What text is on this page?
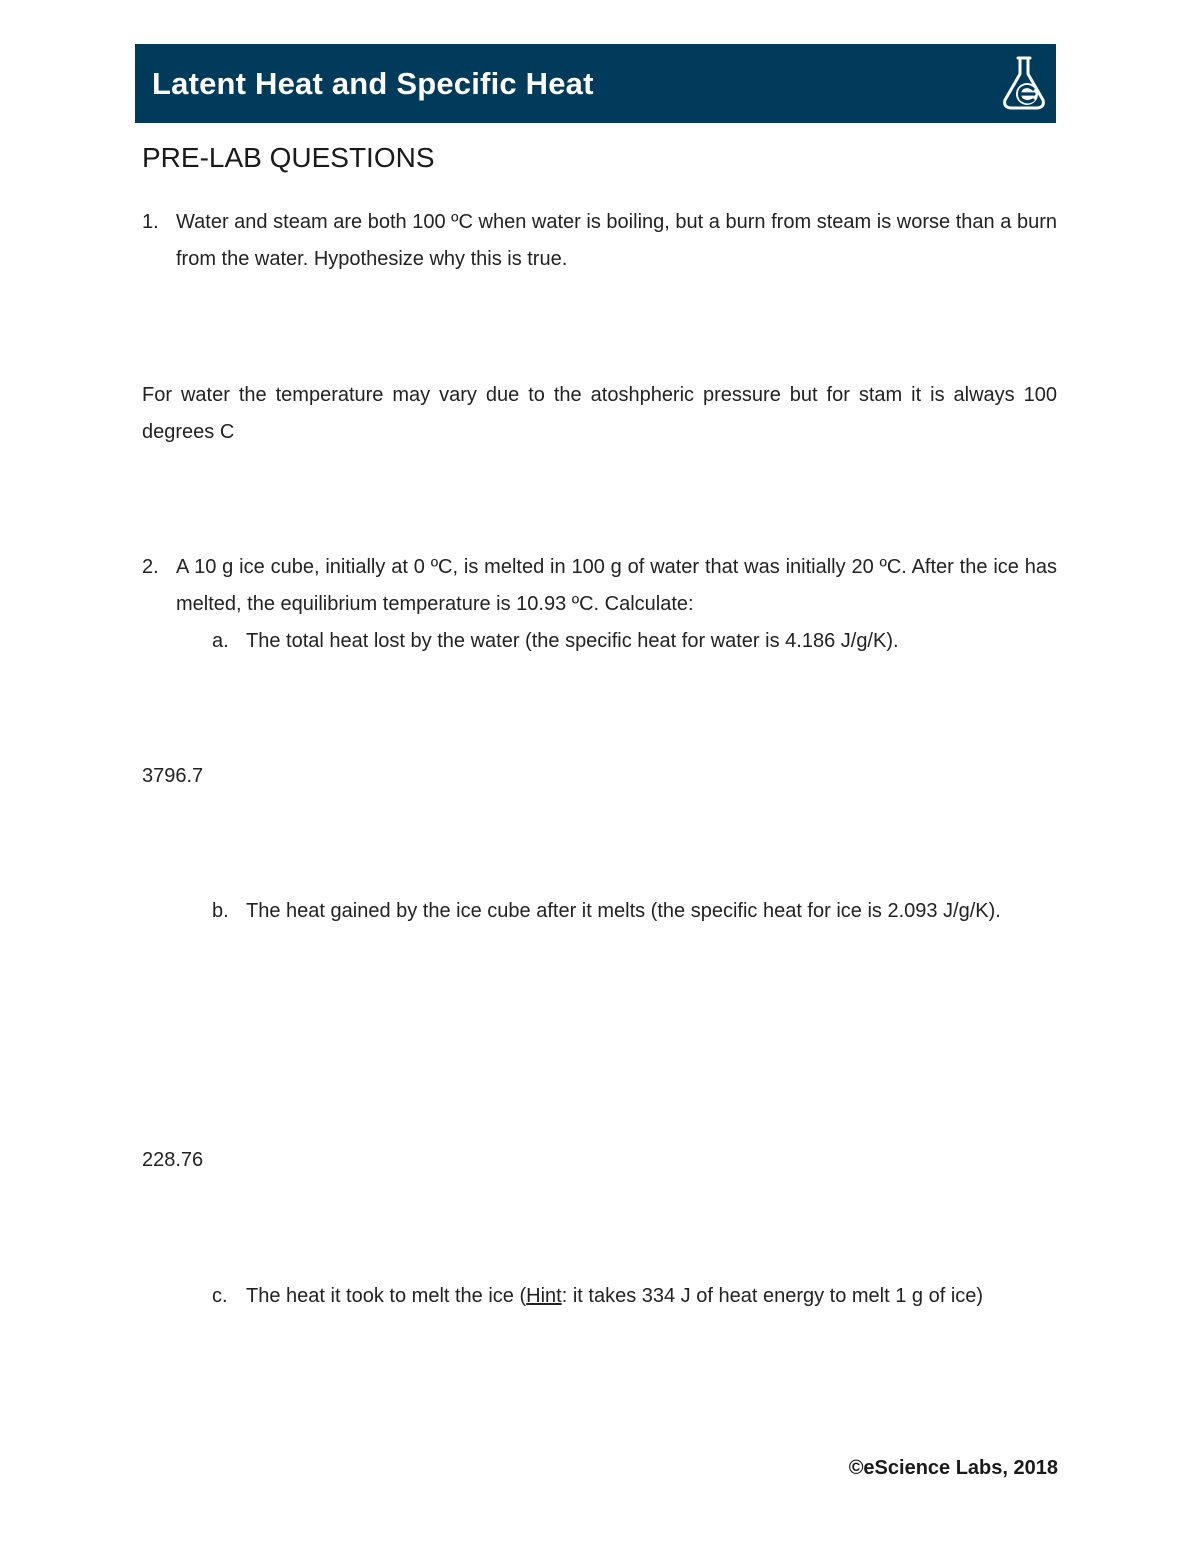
Latent Heat and Specific Heat
PRE-LAB QUESTIONS
1. Water and steam are both 100 ºC when water is boiling, but a burn from steam is worse than a burn from the water. Hypothesize why this is true.
For water the temperature may vary due to the atoshpheric pressure but for stam it is always 100 degrees C
2. A 10 g ice cube, initially at 0 ºC, is melted in 100 g of water that was initially 20 ºC. After the ice has melted, the equilibrium temperature is 10.93 ºC. Calculate:
a. The total heat lost by the water (the specific heat for water is 4.186 J/g/K).
3796.7
b. The heat gained by the ice cube after it melts (the specific heat for ice is 2.093 J/g/K).
228.76
c. The heat it took to melt the ice (Hint: it takes 334 J of heat energy to melt 1 g of ice)
©eScience Labs, 2018
